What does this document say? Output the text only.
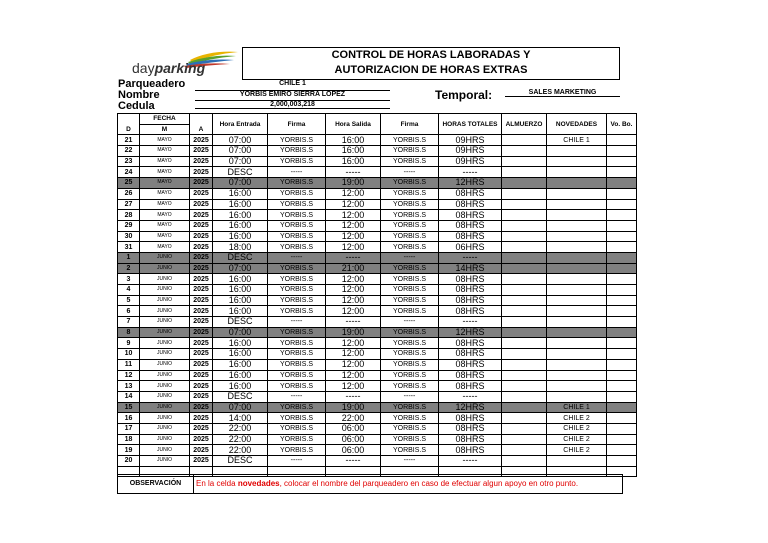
dayparking
CONTROL DE HORAS LABORADAS Y
AUTORIZACION DE HORAS EXTRAS
Parqueadero
Nombre
Cedula
CHILE 1
YORBIS EMIRO SIERRA LOPEZ
2,000,003,218
Temporal:	SALES MARKETING
	FECHA		Hora Entrada	Firma	Hora Salida	Firma	HORAS TOTALES	ALMUERZO	NOVEDADES	Vo. Bo.
D	M	A								
21	MAYO	2025	07:00	YORBIS.S	16:00	YORBIS.S	09HRS		CHILE 1	
22	MAYO	2025	07:00	YORBIS.S	16:00	YORBIS.S	09HRS			
23	MAYO	2025	07:00	YORBIS.S	16:00	YORBIS.S	09HRS			
24	MAYO	2025	DESC	-----	-----	-----	-----			
25	MAYO	2025	07:00	YORBIS.S	19:00	YORBIS.S	12HRS			
26	MAYO	2025	16:00	YORBIS.S	12:00	YORBIS.S	08HRS			
27	MAYO	2025	16:00	YORBIS.S	12:00	YORBIS.S	08HRS			
28	MAYO	2025	16:00	YORBIS.S	12:00	YORBIS.S	08HRS			
29	MAYO	2025	16:00	YORBIS.S	12:00	YORBIS.S	08HRS			
30	MAYO	2025	16:00	YORBIS.S	12:00	YORBIS.S	08HRS			
31	MAYO	2025	18:00	YORBIS.S	12:00	YORBIS.S	06HRS			
1	JUNIO	2025	DESC	-----	-----	-----	-----			
2	JUNIO	2025	07:00	YORBIS.S	21:00	YORBIS.S	14HRS			
3	JUNIO	2025	16:00	YORBIS.S	12:00	YORBIS.S	08HRS			
4	JUNIO	2025	16:00	YORBIS.S	12:00	YORBIS.S	08HRS			
5	JUNIO	2025	16:00	YORBIS.S	12:00	YORBIS.S	08HRS			
6	JUNIO	2025	16:00	YORBIS.S	12:00	YORBIS.S	08HRS			
7	JUNIO	2025	DESC	-----	-----	-----	-----			
8	JUNIO	2025	07:00	YORBIS.S	19:00	YORBIS.S	12HRS			
9	JUNIO	2025	16:00	YORBIS.S	12:00	YORBIS.S	08HRS			
10	JUNIO	2025	16:00	YORBIS.S	12:00	YORBIS.S	08HRS			
11	JUNIO	2025	16:00	YORBIS.S	12:00	YORBIS.S	08HRS			
12	JUNIO	2025	16:00	YORBIS.S	12:00	YORBIS.S	08HRS			
13	JUNIO	2025	16:00	YORBIS.S	12:00	YORBIS.S	08HRS			
14	JUNIO	2025	DESC	-----	-----	-----	-----			
15	JUNIO	2025	07:00	YORBIS.S	19:00	YORBIS.S	12HRS		CHILE 1	
16	JUNIO	2025	14:00	YORBIS.S	22:00	YORBIS.S	08HRS		CHILE 2	
17	JUNIO	2025	22:00	YORBIS.S	06:00	YORBIS.S	08HRS		CHILE 2	
18	JUNIO	2025	22:00	YORBIS.S	06:00	YORBIS.S	08HRS		CHILE 2	
19	JUNIO	2025	22:00	YORBIS.S	06:00	YORBIS.S	08HRS		CHILE 2	
20	JUNIO	2025	DESC	-----	-----	-----	-----			

OBSERVACIÓN	En la celda novedades, colocar el nombre del parqueadero en caso de efectuar algun apoyo en otro punto.
